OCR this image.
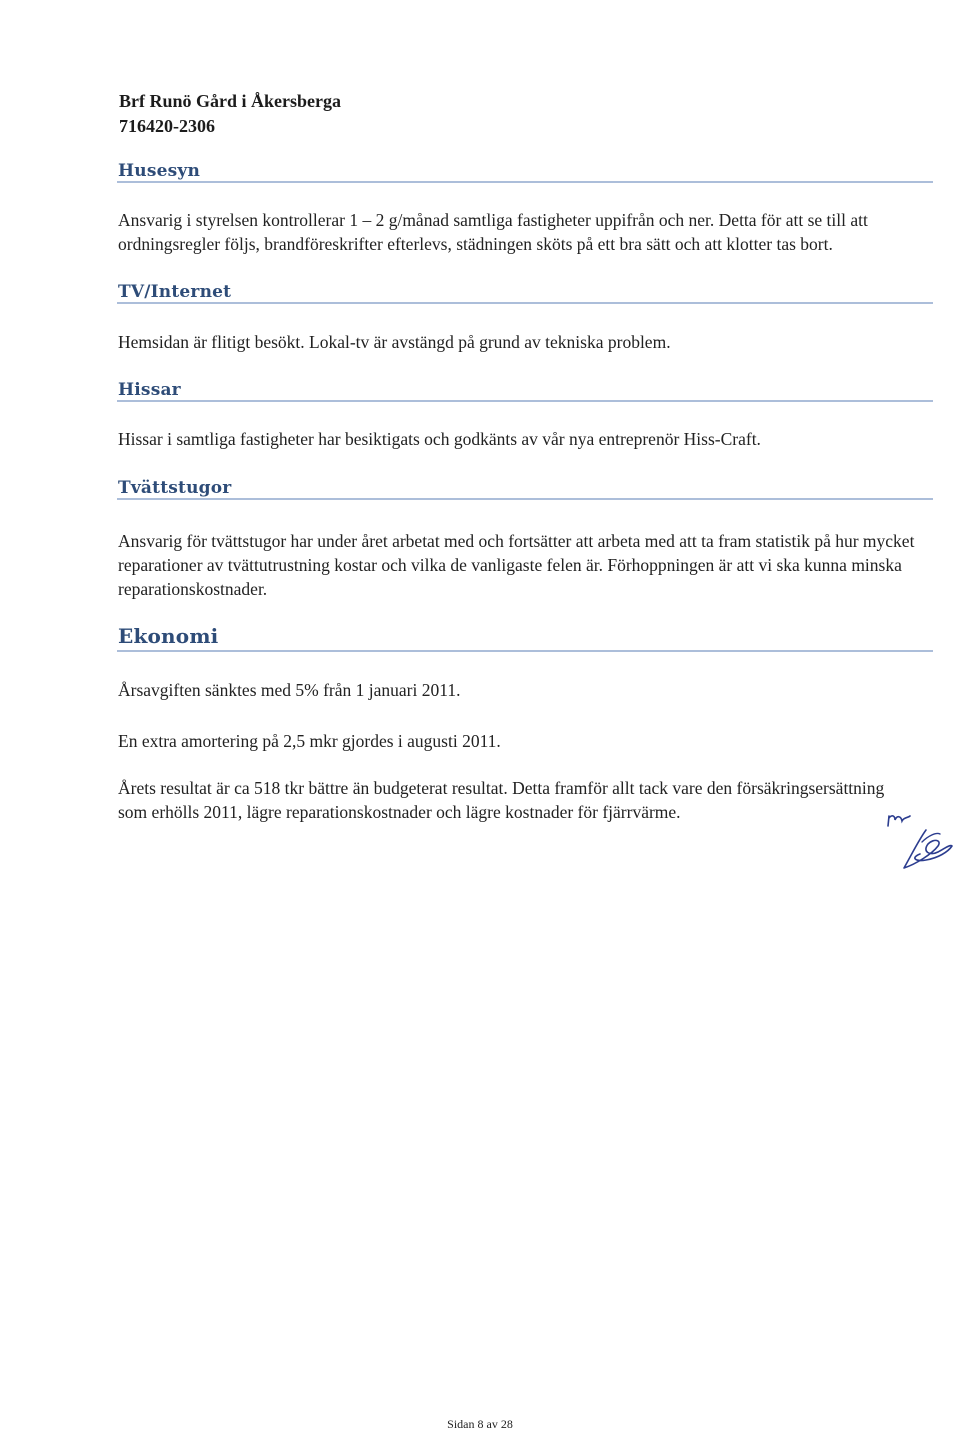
Brf Runö Gård i Åkersberga
716420-2306
Husesyn
Ansvarig i styrelsen kontrollerar 1 – 2 g/månad samtliga fastigheter uppifrån och ner. Detta för att se till att ordningsregler följs, brandföreskrifter efterlevs, städningen sköts på ett bra sätt och att klotter tas bort.
TV/Internet
Hemsidan är flitigt besökt. Lokal-tv är avstängd på grund av tekniska problem.
Hissar
Hissar i samtliga fastigheter har besiktigats och godkänts av vår nya entreprenör Hiss-Craft.
Tvättstugor
Ansvarig för tvättstugor har under året arbetat med och fortsätter att arbeta med att ta fram statistik på hur mycket reparationer av tvättutrustning kostar och vilka de vanligaste felen är. Förhoppningen är att vi ska kunna minska reparationskostnader.
Ekonomi
Årsavgiften sänktes med 5% från 1 januari 2011.
En extra amortering på 2,5 mkr gjordes i augusti 2011.
Årets resultat är ca 518 tkr bättre än budgeterat resultat. Detta framför allt tack vare den försäkringsersättning som erhölls 2011, lägre reparationskostnader och lägre kostnader för fjärrvärme.
Sidan 8 av 28
